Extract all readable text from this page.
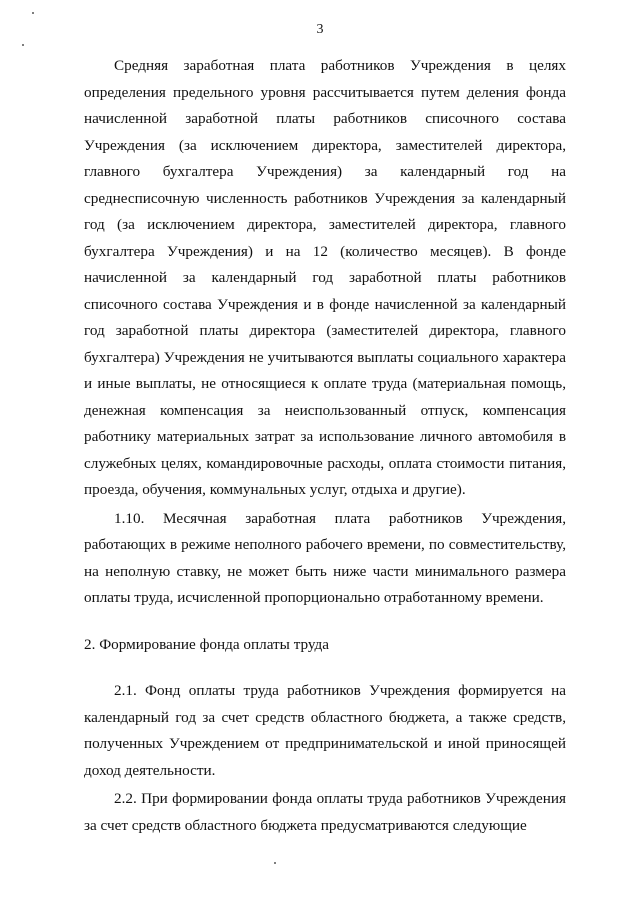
3

Средняя заработная плата работников Учреждения в целях определения предельного уровня рассчитывается путем деления фонда начисленной заработной платы работников списочного состава Учреждения (за исключением директора, заместителей директора, главного бухгалтера Учреждения) за календарный год на среднесписочную численность работников Учреждения за календарный год (за исключением директора, заместителей директора, главного бухгалтера Учреждения) и на 12 (количество месяцев). В фонде начисленной за календарный год заработной платы работников списочного состава Учреждения и в фонде начисленной за календарный год заработной платы директора (заместителей директора, главного бухгалтера) Учреждения не учитываются выплаты социального характера и иные выплаты, не относящиеся к оплате труда (материальная помощь, денежная компенсация за неиспользованный отпуск, компенсация работнику материальных затрат за использование личного автомобиля в служебных целях, командировочные расходы, оплата стоимости питания, проезда, обучения, коммунальных услуг, отдыха и другие).

1.10. Месячная заработная плата работников Учреждения, работающих в режиме неполного рабочего времени, по совместительству, на неполную ставку, не может быть ниже части минимального размера оплаты труда, исчисленной пропорционально отработанному времени.

2. Формирование фонда оплаты труда

2.1. Фонд оплаты труда работников Учреждения формируется на календарный год за счет средств областного бюджета, а также средств, полученных Учреждением от предпринимательской и иной приносящей доход деятельности.

2.2. При формировании фонда оплаты труда работников Учреждения за счет средств областного бюджета предусматриваются следующие
